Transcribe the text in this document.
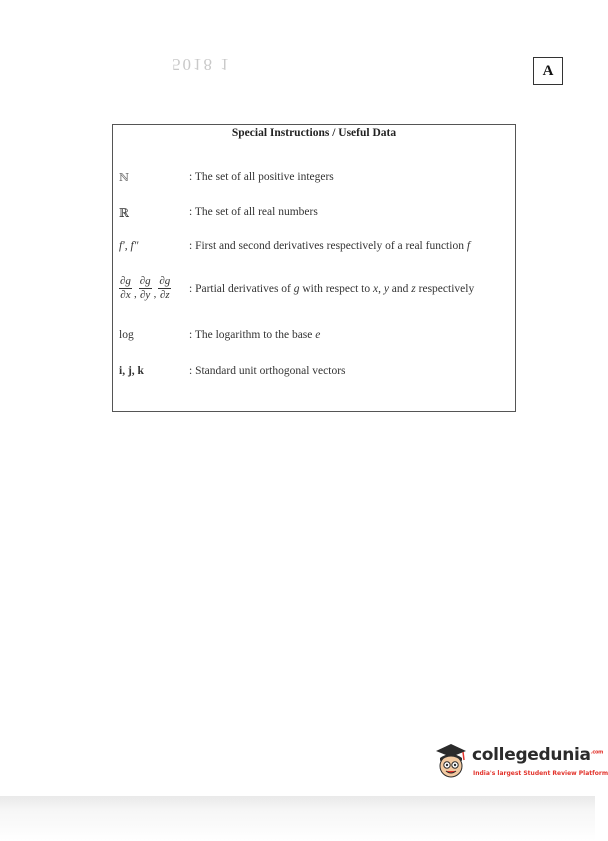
5018 1	A
Special Instructions / Useful Data
ℕ	: The set of all positive integers
ℝ	: The set of all real numbers
f′, f″	: First and second derivatives respectively of a real function f
$\frac{\partial g}{\partial x}$ , $\frac{\partial g}{\partial y}$ , $\frac{\partial g}{\partial z}$ : Partial derivatives of g with respect to x, y and z respectively
log	: The logarithm to the base e
i, j, k	: Standard unit orthogonal vectors
collegedunia$^{.com}$
India's largest Student Review Platform
